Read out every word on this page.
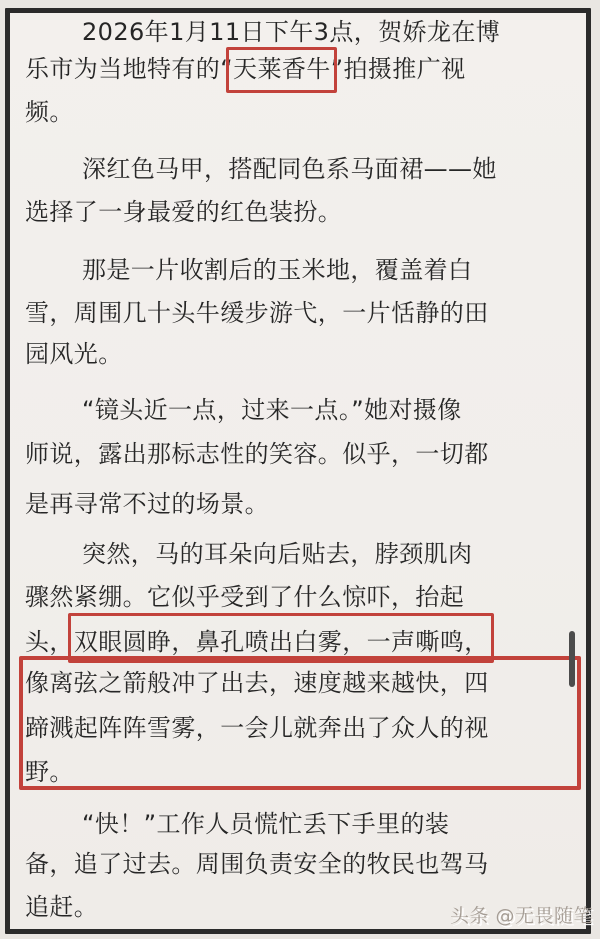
2026年1月11日下午3点，贺娇龙在博
乐市为当地特有的“天莱香牛”拍摄推广视
频。
深红色马甲，搭配同色系马面裙——她
选择了一身最爱的红色装扮。
那是一片收割后的玉米地，覆盖着白
雪，周围几十头牛缓步游弋，一片恬静的田
园风光。
“镜头近一点，过来一点。”她对摄像
师说，露出那标志性的笑容。似乎，一切都
是再寻常不过的场景。
突然，马的耳朵向后贴去，脖颈肌肉
骤然紧绷。它似乎受到了什么惊吓，抬起
头，双眼圆睁，鼻孔喷出白雾，一声嘶鸣，
像离弦之箭般冲了出去，速度越来越快，四
蹄溅起阵阵雪雾，一会儿就奔出了众人的视
野。
“快！”工作人员慌忙丢下手里的装
备，追了过去。周围负责安全的牧民也驾马
追赶。	头条 @无畏随笔
